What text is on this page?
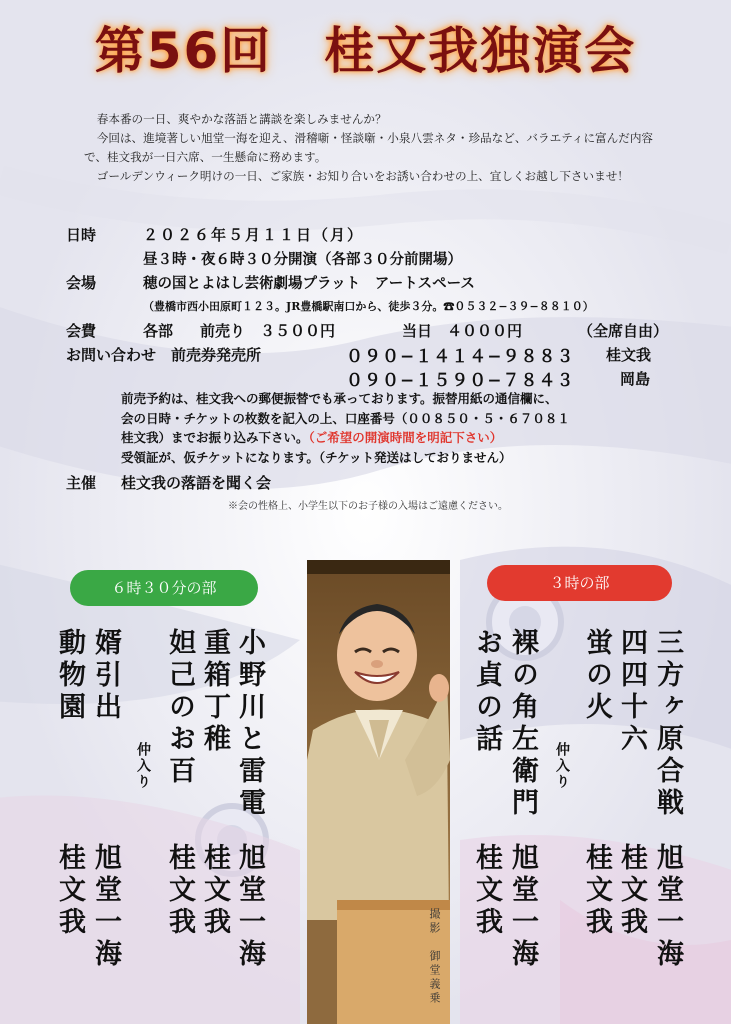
第56回　桂文我独演会

春本番の一日、爽やかな落語と講談を楽しみませんか？

今回は、進境著しい旭堂一海を迎え、滑稽噺・怪談噺・小泉八雲ネタ・珍品など、バラエティに富んだ内容で、桂文我が一日六席、一生懸命に務めます。

ゴールデンウィーク明けの一日、ご家族・お知り合いをお誘い合わせの上、宜しくお越し下さいませ！

日時	２０２６年５月１１日（月）
昼３時・夜６時３０分開演（各部３０分前開場）
会場	穂の国とよはし芸術劇場プラット　アートスペース
（豊橋市西小田原町１２３。JR豊橋駅南口から、徒歩３分。☎０５３２−３９−８８１０）
会費	各部 前売り　３５００円	当日　４０００円	（全席自由）
お問い合わせ　前売券発売所	０９０−１４１４−９８８３ 桂文我
０９０−１５９０−７８４３	岡島
主催 桂文我の落語を聞く会

前売予約は、桂文我への郵便振替でも承っております。振替用紙の通信欄に、

会の日時・チケットの枚数を記入の上、口座番号（００８５０・５・６７０８１

桂文我）までお振り込み下さい。（ご希望の開演時間を明記下さい）

受領証が、仮チケットになります。（チケット発送はしておりません）

※会の性格上、小学生以下のお子様の入場はご遠慮ください。
６時３０分の部	３時の部
撮影　御堂義乗
小野川と雷電
旭堂一海
重箱丁稚
桂文我
妲己のお百
桂文我
仲入り
婿引出
旭堂一海
動物園
桂文我
三方ヶ原合戦
旭堂一海
四四十六
桂文我
蛍の火
桂文我
仲入り
裸の角左衛門
旭堂一海
お貞の話
桂文我
